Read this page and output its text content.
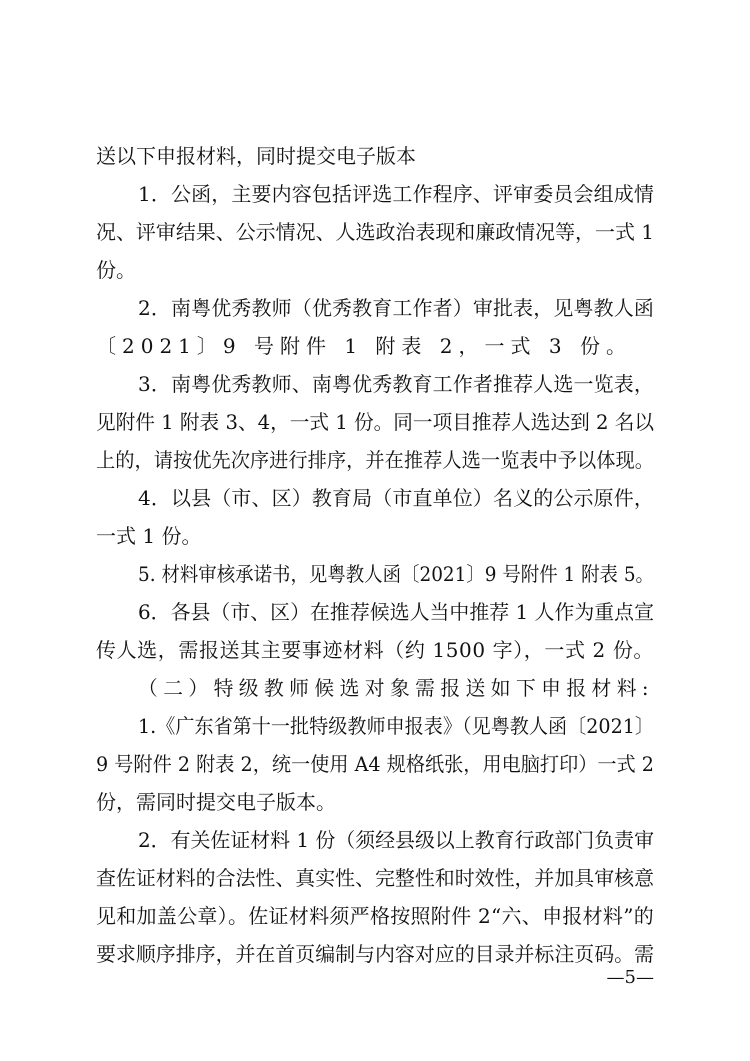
送以下申报材料，同时提交电子版本
1．公函，主要内容包括评选工作程序、评审委员会组成情
况、评审结果、公示情况、人选政治表现和廉政情况等，一式 1
份。
2．南粤优秀教师（优秀教育工作者）审批表，见粤教人函
〔2021〕9 号附件 1 附表 2，一式 3 份。
3．南粤优秀教师、南粤优秀教育工作者推荐人选一览表，
见附件 1 附表 3、4，一式 1 份。同一项目推荐人选达到 2 名以
上的，请按优先次序进行排序，并在推荐人选一览表中予以体现。
4．以县（市、区）教育局（市直单位）名义的公示原件，
一式 1 份。
5. 材料审核承诺书，见粤教人函〔2021〕9 号附件 1 附表 5。
6．各县（市、区）在推荐候选人当中推荐 1 人作为重点宣
传人选，需报送其主要事迹材料（约 1500 字），一式 2 份。
（二）特级教师候选对象需报送如下申报材料:
1.《广东省第十一批特级教师申报表》（见粤教人函〔2021〕
9 号附件 2 附表 2，统一使用 A4 规格纸张，用电脑打印）一式 2
份，需同时提交电子版本。
2．有关佐证材料 1 份（须经县级以上教育行政部门负责审
查佐证材料的合法性、真实性、完整性和时效性，并加具审核意
见和加盖公章）。佐证材料须严格按照附件 2“六、申报材料”的
要求顺序排序，并在首页编制与内容对应的目录并标注页码。需
—5—
